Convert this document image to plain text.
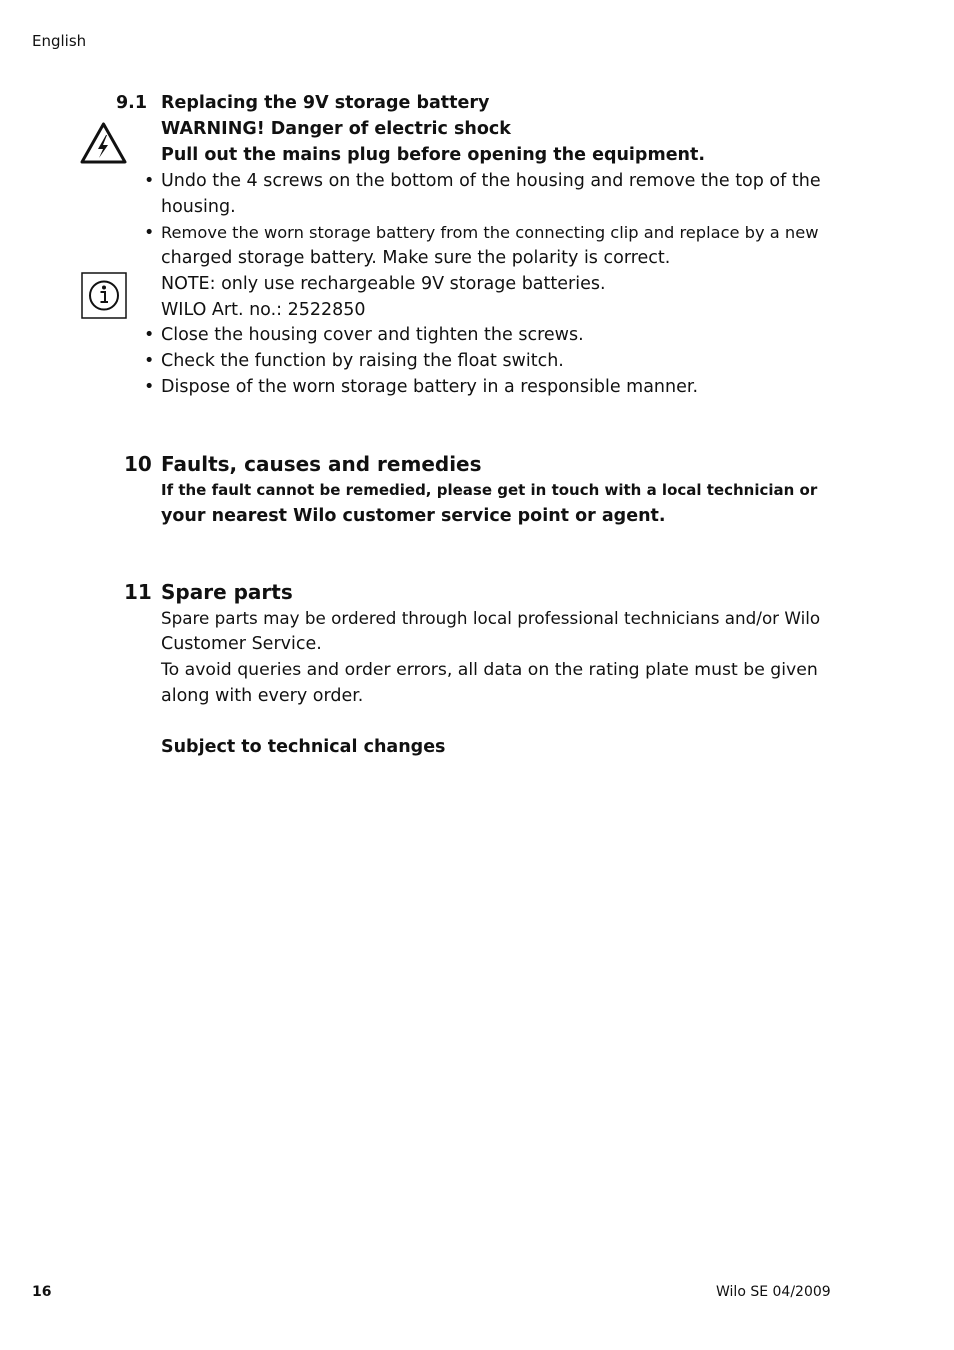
English
9.1 Replacing the 9V storage battery
WARNING! Danger of electric shock
Pull out the mains plug before opening the equipment.
• Undo the 4 screws on the bottom of the housing and remove the top of the
housing.
• Remove the worn storage battery from the connecting clip and replace by a new
charged storage battery. Make sure the polarity is correct.
NOTE: only use rechargeable 9V storage batteries.
WILO Art. no.: 2522850
• Close the housing cover and tighten the screws.
• Check the function by raising the float switch.
• Dispose of the worn storage battery in a responsible manner.
10 Faults, causes and remedies
If the fault cannot be remedied, please get in touch with a local technician or
your nearest Wilo customer service point or agent.
11 Spare parts
Spare parts may be ordered through local professional technicians and/or Wilo
Customer Service.
To avoid queries and order errors, all data on the rating plate must be given
along with every order.
Subject to technical changes
16	Wilo SE 04/2009
